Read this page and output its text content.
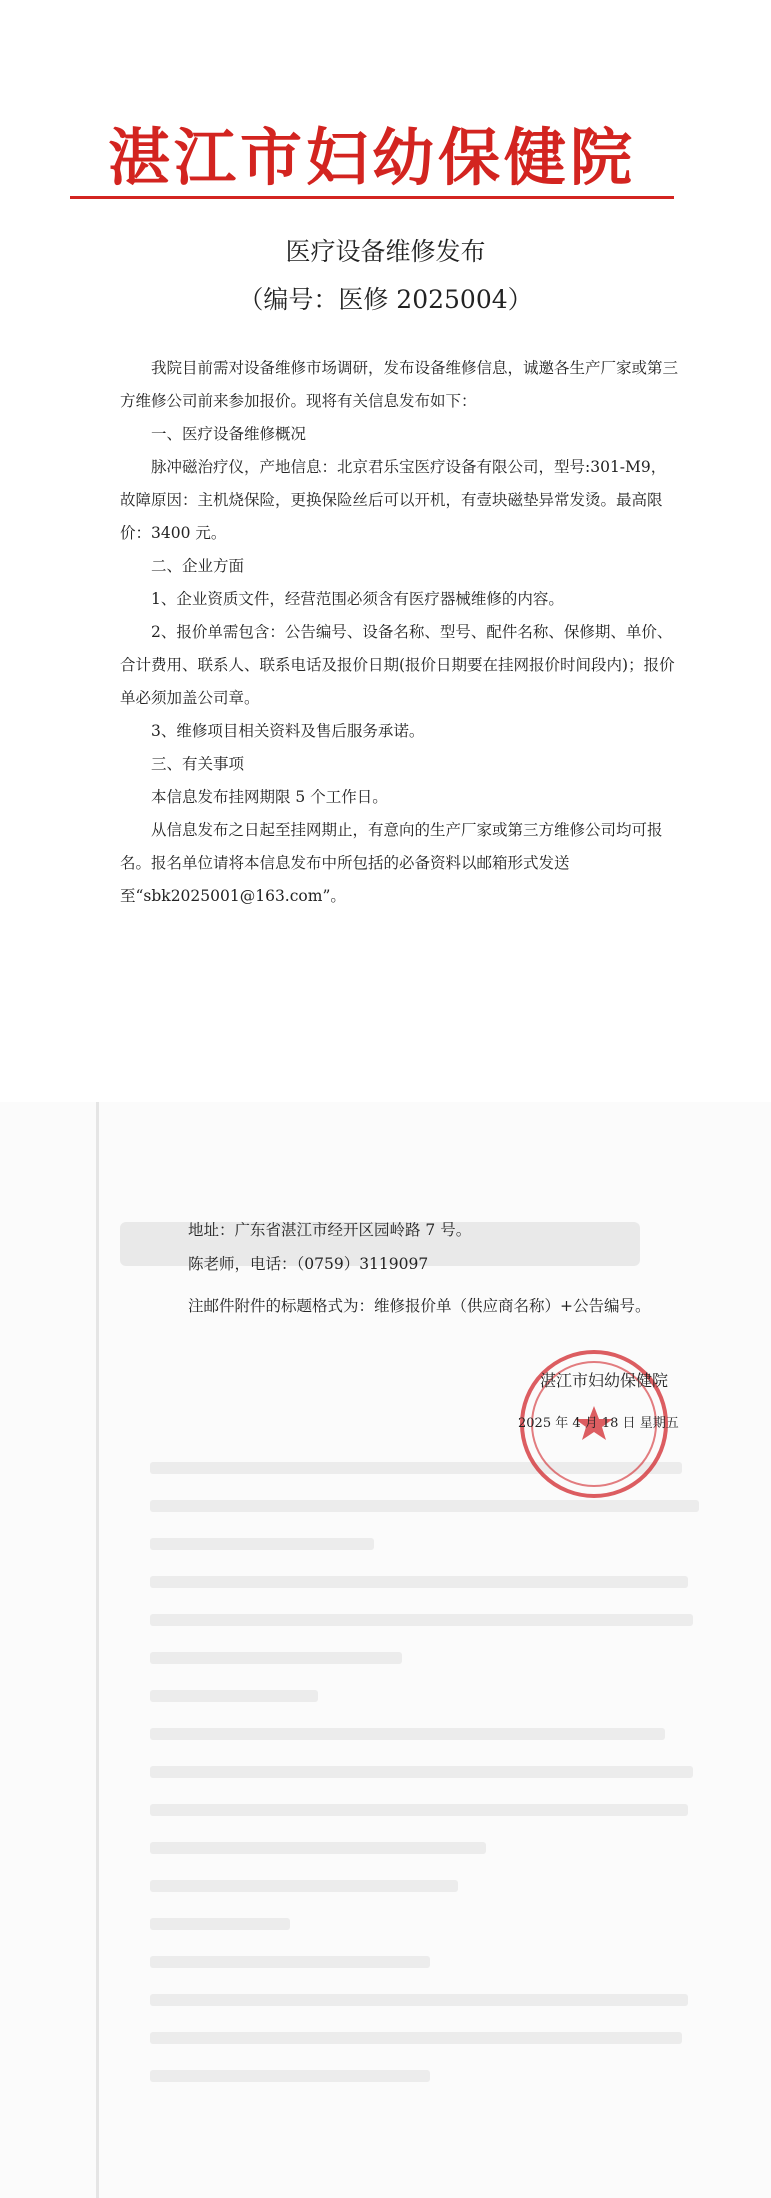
湛江市妇幼保健院
医疗设备维修发布
（编号：医修 2025004）

我院目前需对设备维修市场调研，发布设备维修信息，诚邀各生产厂家或第三方维修公司前来参加报价。现将有关信息发布如下：

一、医疗设备维修概况

脉冲磁治疗仪，产地信息：北京君乐宝医疗设备有限公司，型号:301-M9，故障原因：主机烧保险，更换保险丝后可以开机，有壹块磁垫异常发烫。最高限价：3400 元。

二、企业方面

1、企业资质文件，经营范围必须含有医疗器械维修的内容。

2、报价单需包含：公告编号、设备名称、型号、配件名称、保修期、单价、合计费用、联系人、联系电话及报价日期(报价日期要在挂网报价时间段内)；报价单必须加盖公司章。

3、维修项目相关资料及售后服务承诺。

三、有关事项

本信息发布挂网期限 5 个工作日。

从信息发布之日起至挂网期止，有意向的生产厂家或第三方维修公司均可报名。报名单位请将本信息发布中所包括的必备资料以邮箱形式发送至“sbk2025001@163.com”。

地址：广东省湛江市经开区园岭路 7 号。
陈老师，电话：（0759）3119097
注邮件附件的标题格式为：维修报价单（供应商名称）+公告编号。
湛江市妇幼保健院
2025 年 4 月 18 日 星期五
